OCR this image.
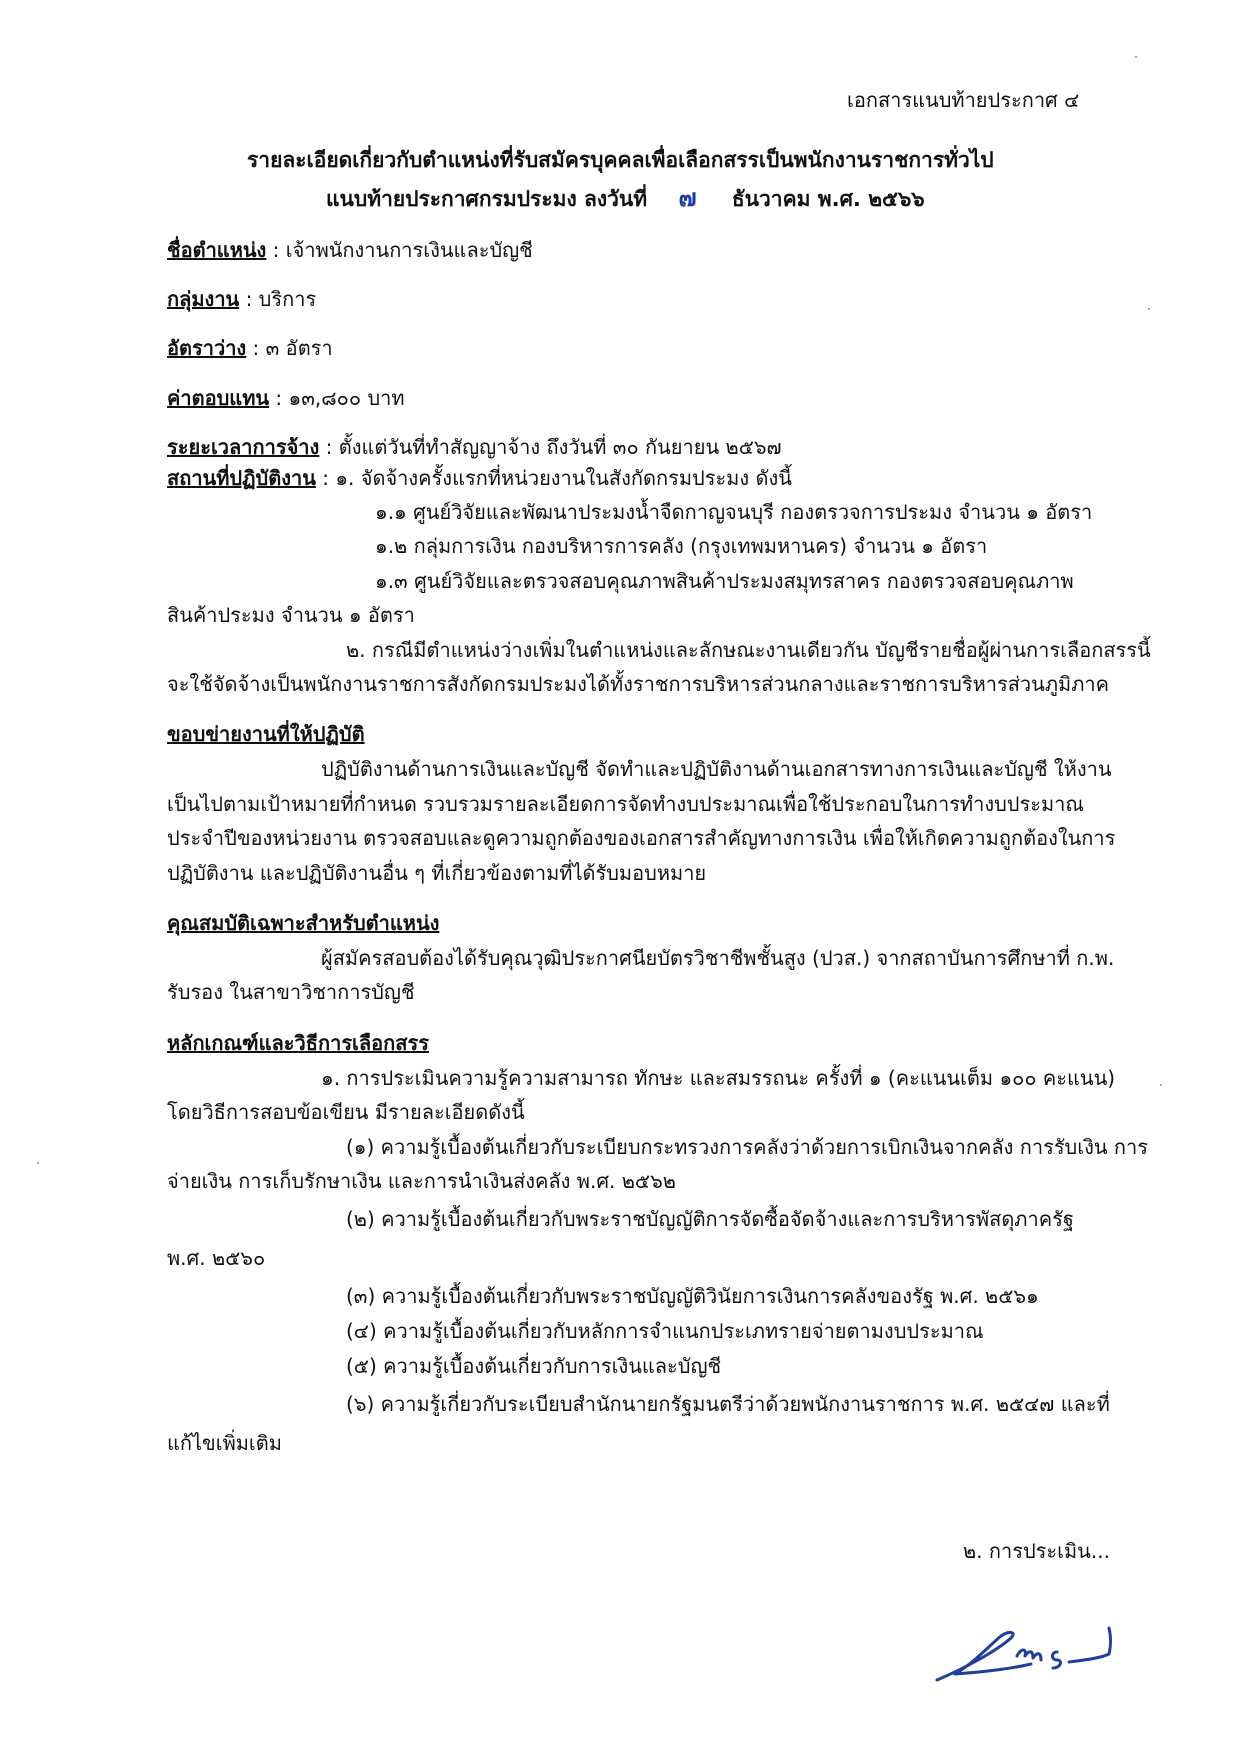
เอกสารแนบท้ายประกาศ ๔
รายละเอียดเกี่ยวกับตำแหน่งที่รับสมัครบุคคลเพื่อเลือกสรรเป็นพนักงานราชการทั่วไป
แนบท้ายประกาศกรมประมง ลงวันที่ ๗ ธันวาคม พ.ศ. ๒๕๖๖
ชื่อตำแหน่ง : เจ้าพนักงานการเงินและบัญชี
กลุ่มงาน : บริการ
อัตราว่าง : ๓ อัตรา
ค่าตอบแทน : ๑๓,๘๐๐ บาท
ระยะเวลาการจ้าง : ตั้งแต่วันที่ทำสัญญาจ้าง ถึงวันที่ ๓๐ กันยายน ๒๕๖๗
สถานที่ปฏิบัติงาน : ๑. จัดจ้างครั้งแรกที่หน่วยงานในสังกัดกรมประมง ดังนี้
๑.๑ ศูนย์วิจัยและพัฒนาประมงน้ำจืดกาญจนบุรี กองตรวจการประมง จำนวน ๑ อัตรา
๑.๒ กลุ่มการเงิน กองบริหารการคลัง (กรุงเทพมหานคร) จำนวน ๑ อัตรา
๑.๓ ศูนย์วิจัยและตรวจสอบคุณภาพสินค้าประมงสมุทรสาคร กองตรวจสอบคุณภาพ
สินค้าประมง จำนวน ๑ อัตรา
๒. กรณีมีตำแหน่งว่างเพิ่มในตำแหน่งและลักษณะงานเดียวกัน บัญชีรายชื่อผู้ผ่านการเลือกสรรนี้
จะใช้จัดจ้างเป็นพนักงานราชการสังกัดกรมประมงได้ทั้งราชการบริหารส่วนกลางและราชการบริหารส่วนภูมิภาค
ขอบข่ายงานที่ให้ปฏิบัติ
ปฏิบัติงานด้านการเงินและบัญชี จัดทำและปฏิบัติงานด้านเอกสารทางการเงินและบัญชี ให้งาน
เป็นไปตามเป้าหมายที่กำหนด รวบรวมรายละเอียดการจัดทำงบประมาณเพื่อใช้ประกอบในการทำงบประมาณ
ประจำปีของหน่วยงาน ตรวจสอบและดูความถูกต้องของเอกสารสำคัญทางการเงิน เพื่อให้เกิดความถูกต้องในการ
ปฏิบัติงาน และปฏิบัติงานอื่น ๆ ที่เกี่ยวข้องตามที่ได้รับมอบหมาย
คุณสมบัติเฉพาะสำหรับตำแหน่ง
ผู้สมัครสอบต้องได้รับคุณวุฒิประกาศนียบัตรวิชาชีพชั้นสูง (ปวส.) จากสถาบันการศึกษาที่ ก.พ.
รับรอง ในสาขาวิชาการบัญชี
หลักเกณฑ์และวิธีการเลือกสรร
๑. การประเมินความรู้ความสามารถ ทักษะ และสมรรถนะ ครั้งที่ ๑ (คะแนนเต็ม ๑๐๐ คะแนน)
โดยวิธีการสอบข้อเขียน มีรายละเอียดดังนี้
(๑) ความรู้เบื้องต้นเกี่ยวกับระเบียบกระทรวงการคลังว่าด้วยการเบิกเงินจากคลัง การรับเงิน การ
จ่ายเงิน การเก็บรักษาเงิน และการนำเงินส่งคลัง พ.ศ. ๒๕๖๒
(๒) ความรู้เบื้องต้นเกี่ยวกับพระราชบัญญัติการจัดซื้อจัดจ้างและการบริหารพัสดุภาครัฐ
พ.ศ. ๒๕๖๐
(๓) ความรู้เบื้องต้นเกี่ยวกับพระราชบัญญัติวินัยการเงินการคลังของรัฐ พ.ศ. ๒๕๖๑
(๔) ความรู้เบื้องต้นเกี่ยวกับหลักการจำแนกประเภทรายจ่ายตามงบประมาณ
(๕) ความรู้เบื้องต้นเกี่ยวกับการเงินและบัญชี
(๖) ความรู้เกี่ยวกับระเบียบสำนักนายกรัฐมนตรีว่าด้วยพนักงานราชการ พ.ศ. ๒๕๔๗ และที่
แก้ไขเพิ่มเติม
๒. การประเมิน...
